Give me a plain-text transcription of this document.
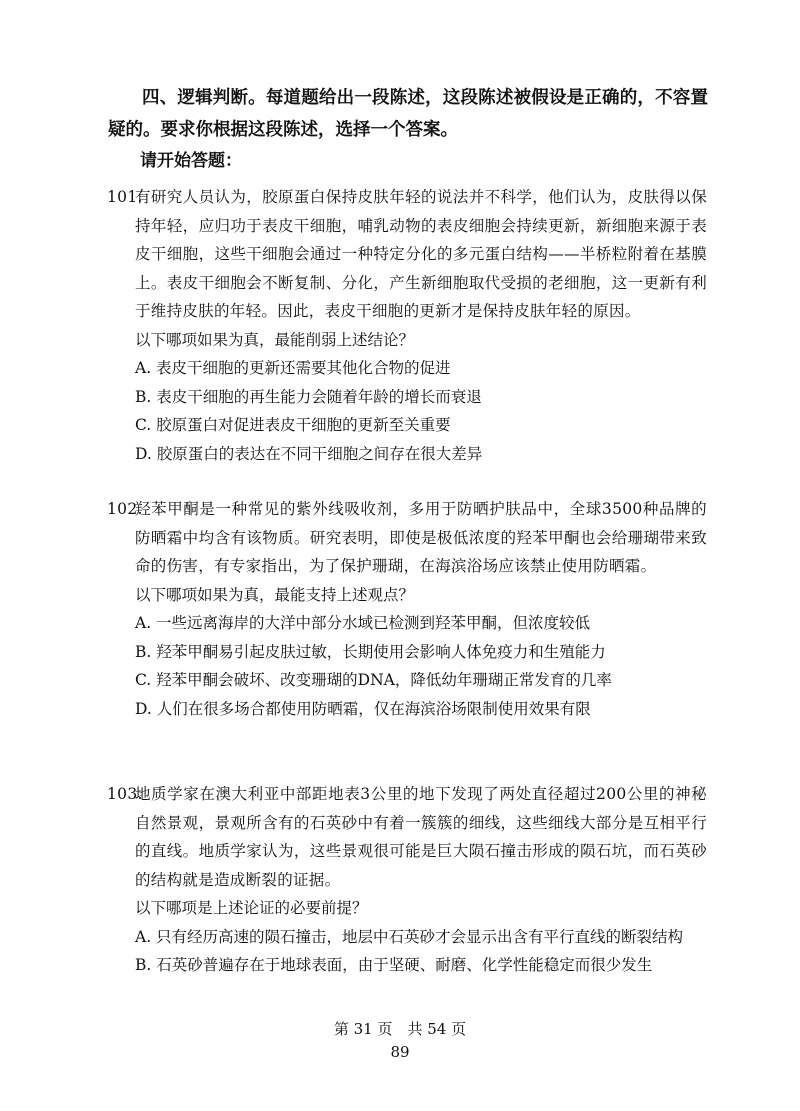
四、逻辑判断。每道题给出一段陈述，这段陈述被假设是正确的，不容置疑的。要求你根据这段陈述，选择一个答案。
请开始答题：
101.
有研究人员认为，胶原蛋白保持皮肤年轻的说法并不科学，他们认为，皮肤得以保持年轻，应归功于表皮干细胞，哺乳动物的表皮细胞会持续更新，新细胞来源于表皮干细胞，这些干细胞会通过一种特定分化的多元蛋白结构——半桥粒附着在基膜上。表皮干细胞会不断复制、分化，产生新细胞取代受损的老细胞，这一更新有利于维持皮肤的年轻。因此，表皮干细胞的更新才是保持皮肤年轻的原因。
以下哪项如果为真，最能削弱上述结论？
A. 表皮干细胞的更新还需要其他化合物的促进
B. 表皮干细胞的再生能力会随着年龄的增长而衰退
C. 胶原蛋白对促进表皮干细胞的更新至关重要
D. 胶原蛋白的表达在不同干细胞之间存在很大差异
102.
羟苯甲酮是一种常见的紫外线吸收剂，多用于防晒护肤品中，全球3500种品牌的防晒霜中均含有该物质。研究表明，即使是极低浓度的羟苯甲酮也会给珊瑚带来致命的伤害，有专家指出，为了保护珊瑚，在海滨浴场应该禁止使用防晒霜。
以下哪项如果为真，最能支持上述观点？
A. 一些远离海岸的大洋中部分水域已检测到羟苯甲酮，但浓度较低
B. 羟苯甲酮易引起皮肤过敏，长期使用会影响人体免疫力和生殖能力
C. 羟苯甲酮会破坏、改变珊瑚的DNA，降低幼年珊瑚正常发育的几率
D. 人们在很多场合都使用防晒霜，仅在海滨浴场限制使用效果有限
103.
地质学家在澳大利亚中部距地表3公里的地下发现了两处直径超过200公里的神秘自然景观，景观所含有的石英砂中有着一簇簇的细线，这些细线大部分是互相平行的直线。地质学家认为，这些景观很可能是巨大陨石撞击形成的陨石坑，而石英砂的结构就是造成断裂的证据。
以下哪项是上述论证的必要前提？
A. 只有经历高速的陨石撞击，地层中石英砂才会显示出含有平行直线的断裂结构
B. 石英砂普遍存在于地球表面，由于坚硬、耐磨、化学性能稳定而很少发生
第 31 页　共 54 页
89
